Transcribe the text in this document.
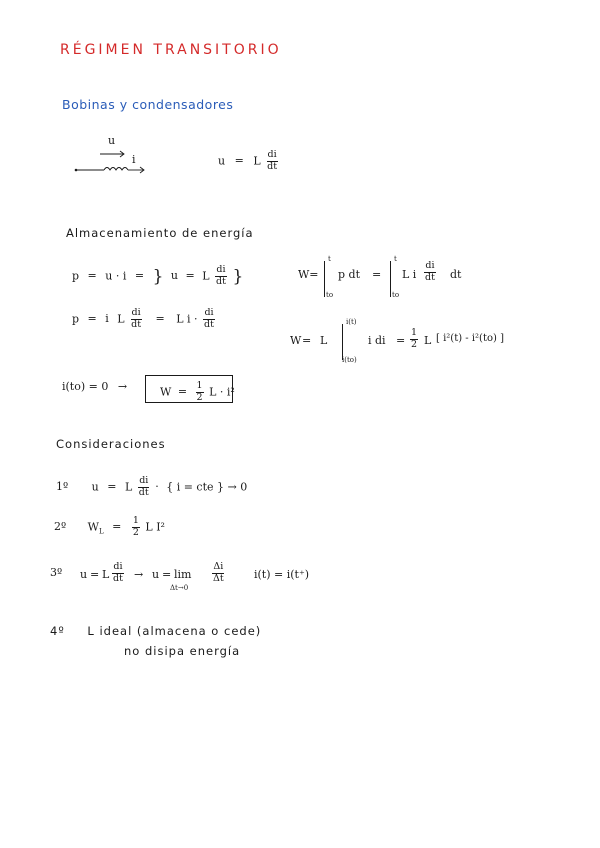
RÉGIMEN TRANSITORIO
Bobinas y condensadores
u
i	u = L $\frac{di}{dt}$
Almacenamiento de energía
p = u · i = } u = L $\frac{di}{dt}$ }	W=
t
to
p dt =
t
to
L i $\frac{di}{dt}$ dt
p = i L $\frac{di}{dt} = L$ $i \cdot \frac{di}{dt}$
W = L
i(t)
i(to)
i di = $\frac{1}{2}$ L [ i²(t) - i²(to) ]
i(to) = 0 →	$W = \frac{1}{2}$ L · i²
Consideraciones
1º u = L $\frac{di}{dt}$ · { i = cte } → 0
2º $W_L = \frac{1}{2}$ L I²
3º u = L $\frac{di}{dt} \to u = \lim$
Δt→0
$\frac{\Delta i}{\Delta t}$	i(t) = i(t⁺)
4º L ideal (almacena o cede)
no disipa energía
